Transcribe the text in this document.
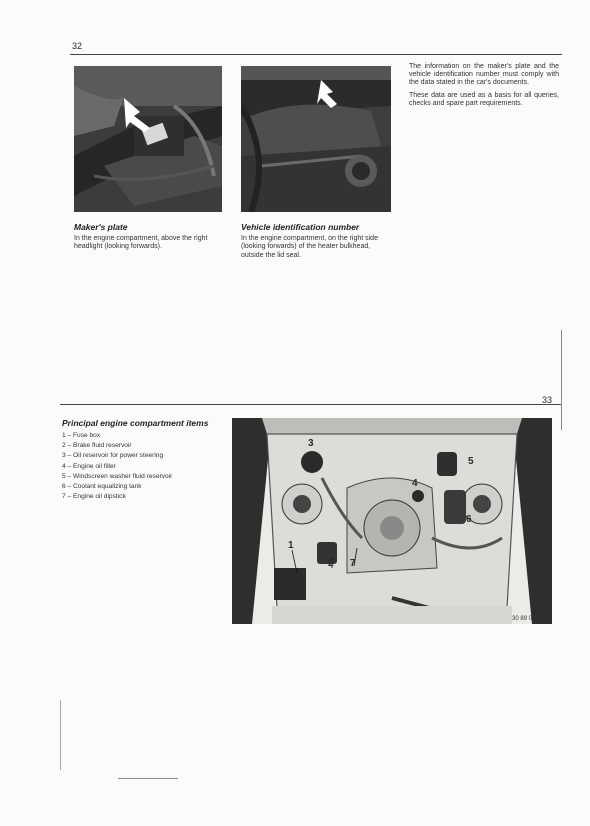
32
Maker's plate
In the engine compartment, above the right headlight (looking forwards).
Vehicle identification number
In the engine compartment, on the right side (looking forwards) of the heater bulkhead, outside the lid seal.

The information on the maker's plate and the vehicle identification number must comply with the data stated in the car's documents.

These data are used as a basis for all queries, checks and spare part requirements.

33
Principal engine compartment items
1 – Fuse box
2 – Brake fluid reservoir
3 – Oil reservoir for power steering
4 – Engine oil filler
5 – Windscreen washer fluid reservoir
6 – Coolant equalizing tank
7 – Engine oil dipstick
1
2
3
4
5
6
7
30 89 01 17
